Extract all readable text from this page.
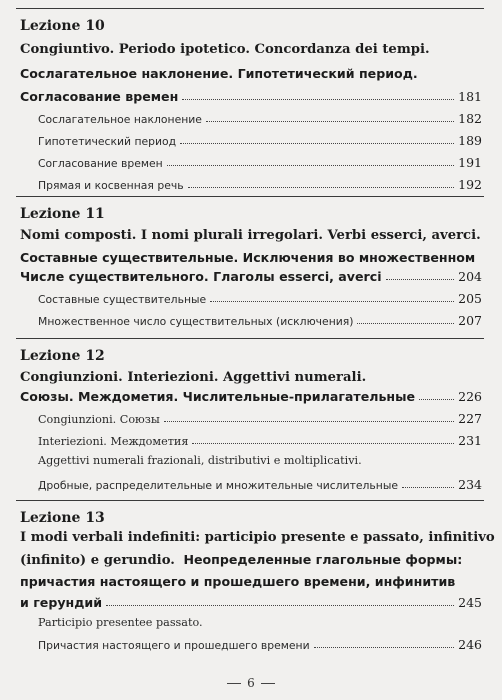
Lezione 10
Congiuntivo. Periodo ipotetico. Concordanza dei tempi.
Сослагательное наклонение. Гипотетический период.
Согласование времен	181
Сослагательное наклонение	182
Гипотетический период	189
Согласование времен	191
Прямая и косвенная речь	192
Lezione 11
Nomi composti. I nomi plurali irregolari. Verbi esserci, averci.
Составные существительные. Исключения во множественном
Числе существительного. Глаголы esserci, averci	204
Составные существительные	205
Множественное число существительных (исключения)	207
Lezione 12
Congiunzioni. Interiezioni. Aggettivi numerali.
Союзы. Междометия. Числительные-прилагательные	226
Congiunzioni. Союзы	227
Interiezioni. Междометия	231
Aggettivi numerali frazionali, distributivi e moltiplicativi.
Дробные, распределительные и множительные числительные	234
Lezione 13
I modi verbali indefiniti: participio presente e passato, infinitivo
(infinito) e gerundio. Неопределенные глагольные формы:
причастия настоящего и прошедшего времени, инфинитив
и герундий	245
Participio presentee passato.
Причастия настоящего и прошедшего времени	246
6
